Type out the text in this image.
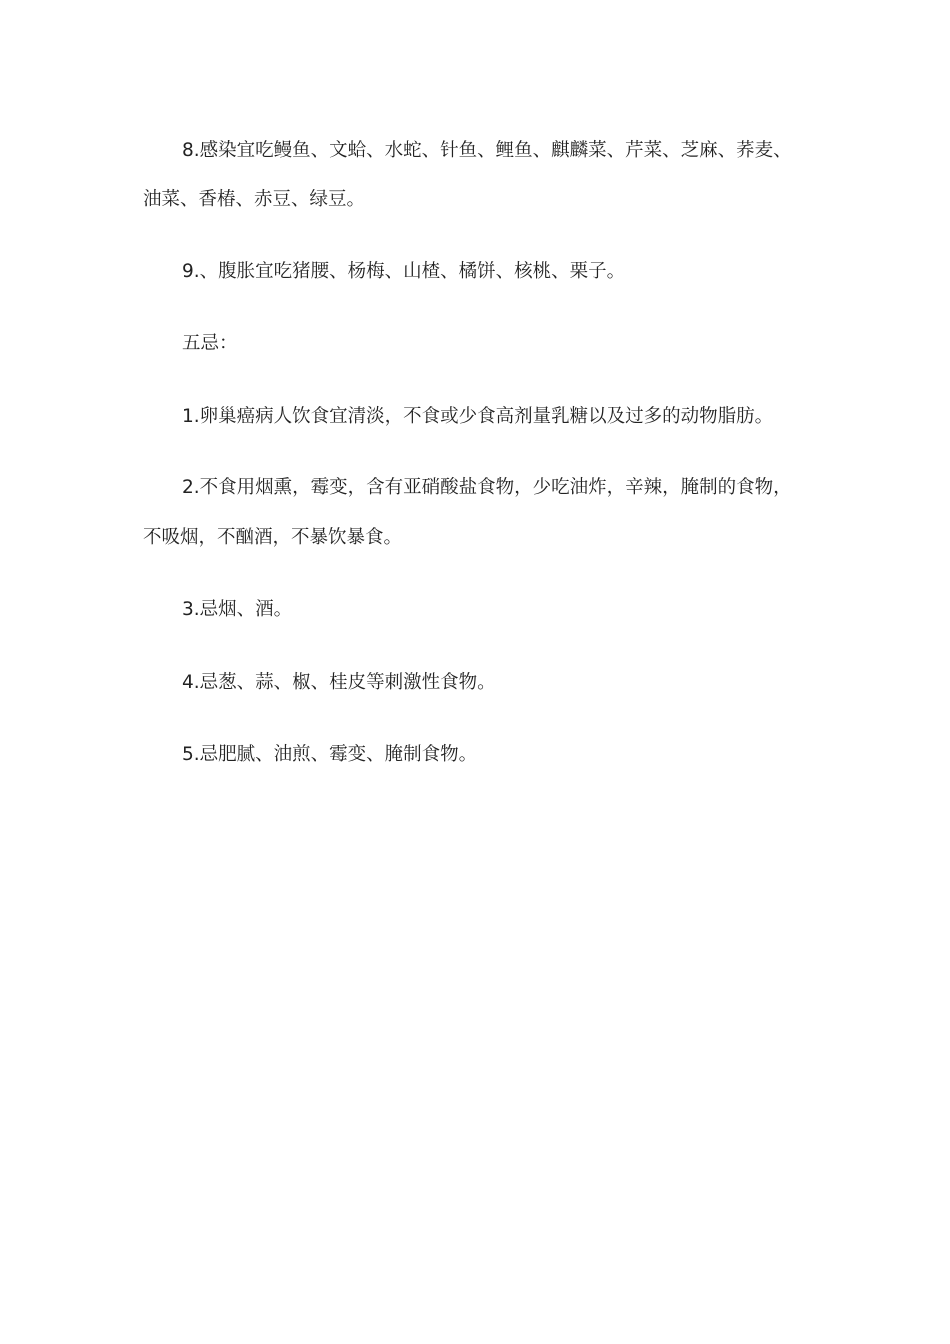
8.感染宜吃鳗鱼、文蛤、水蛇、针鱼、鲤鱼、麒麟菜、芹菜、芝麻、荞麦、
油菜、香椿、赤豆、绿豆。
9.、腹胀宜吃猪腰、杨梅、山楂、橘饼、核桃、栗子。
五忌：
1.卵巢癌病人饮食宜清淡，不食或少食高剂量乳糖以及过多的动物脂肪。
2.不食用烟熏，霉变，含有亚硝酸盐食物，少吃油炸，辛辣，腌制的食物，
不吸烟，不酗酒，不暴饮暴食。
3.忌烟、酒。
4.忌葱、蒜、椒、桂皮等刺激性食物。
5.忌肥腻、油煎、霉变、腌制食物。
